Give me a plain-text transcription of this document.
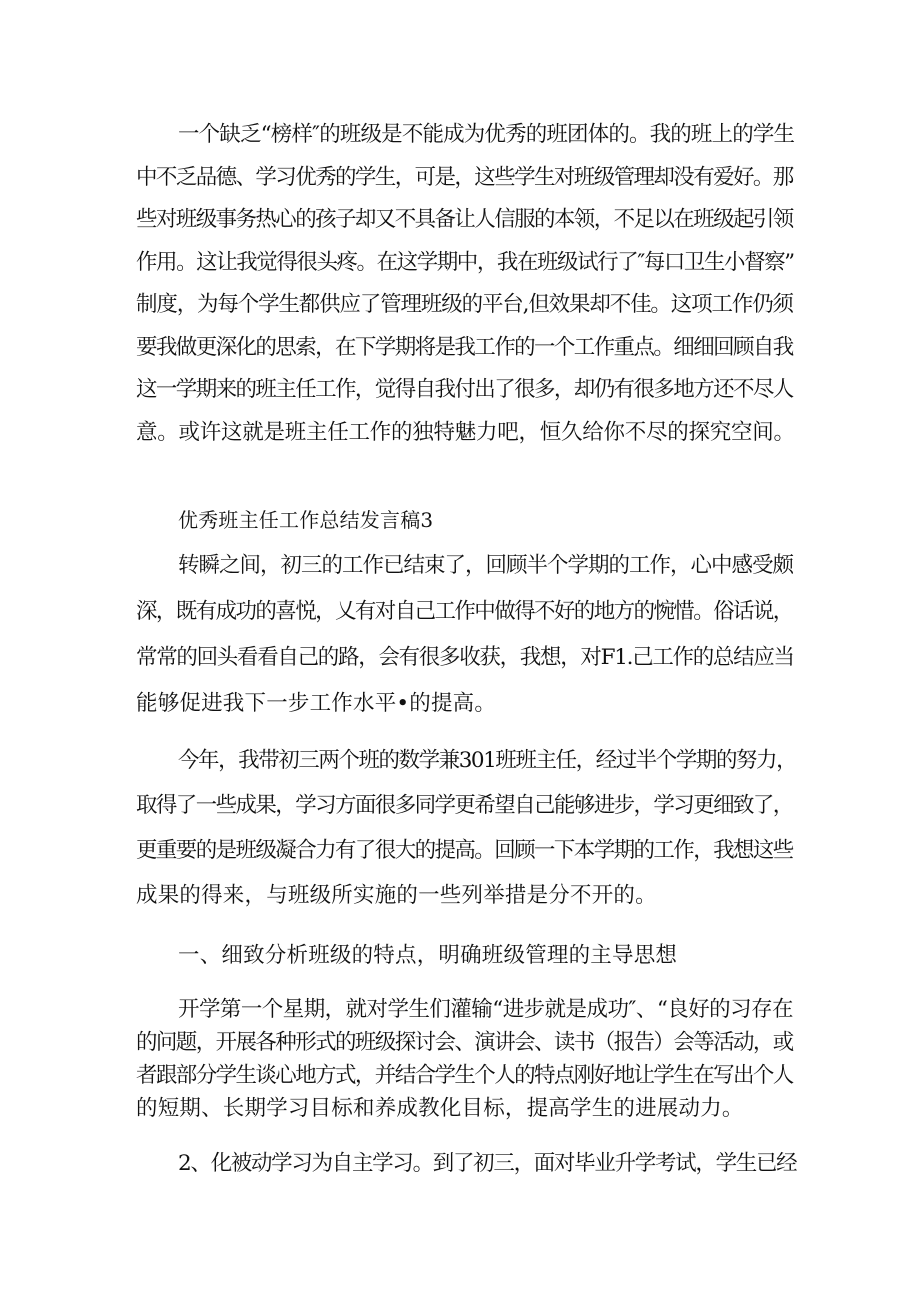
一个缺乏“榜样″的班级是不能成为优秀的班团体的。我的班上的学生
中不乏品德、学习优秀的学生，可是，这些学生对班级管理却没有爱好。那
些对班级事务热心的孩子却又不具备让人信服的本领，不足以在班级起引领
作用。这让我觉得很头疼。在这学期中，我在班级试行了″每口卫生小督察”
制度，为每个学生都供应了管理班级的平台,但效果却不佳。这项工作仍须
要我做更深化的思索，在下学期将是我工作的一个工作重点。细细回顾自我
这一学期来的班主任工作，觉得自我付出了很多，却仍有很多地方还不尽人
意。或许这就是班主任工作的独特魅力吧，恒久给你不尽的探究空间。
优秀班主任工作总结发言稿3
转瞬之间，初三的工作已结束了，回顾半个学期的工作，心中感受颇
深，既有成功的喜悦，乂有对自己工作中做得不好的地方的惋惜。俗话说，
常常的回头看看自己的路，会有很多收获，我想，对F1.己工作的总结应当
能够促进我下一步工作水平•的提高。
今年，我带初三两个班的数学兼301班班主任，经过半个学期的努力，
取得了一些成果，学习方面很多同学更希望自己能够进步，学习更细致了，
更重要的是班级凝合力有了很大的提高。回顾一下本学期的工作，我想这些
成果的得来，与班级所实施的一些列举措是分不开的。
一、细致分析班级的特点，明确班级管理的主导思想
开学第一个星期，就对学生们灌输“进步就是成功″、“良好的习存在
的问题，开展各种形式的班级探讨会、演讲会、读书（报告）会等活动，或
者跟部分学生谈心地方式，并结合学生个人的特点刚好地让学生在写出个人
的短期、长期学习目标和养成教化目标，提高学生的进展动力。
2、化被动学习为自主学习。到了初三，面对毕业升学考试，学生已经
